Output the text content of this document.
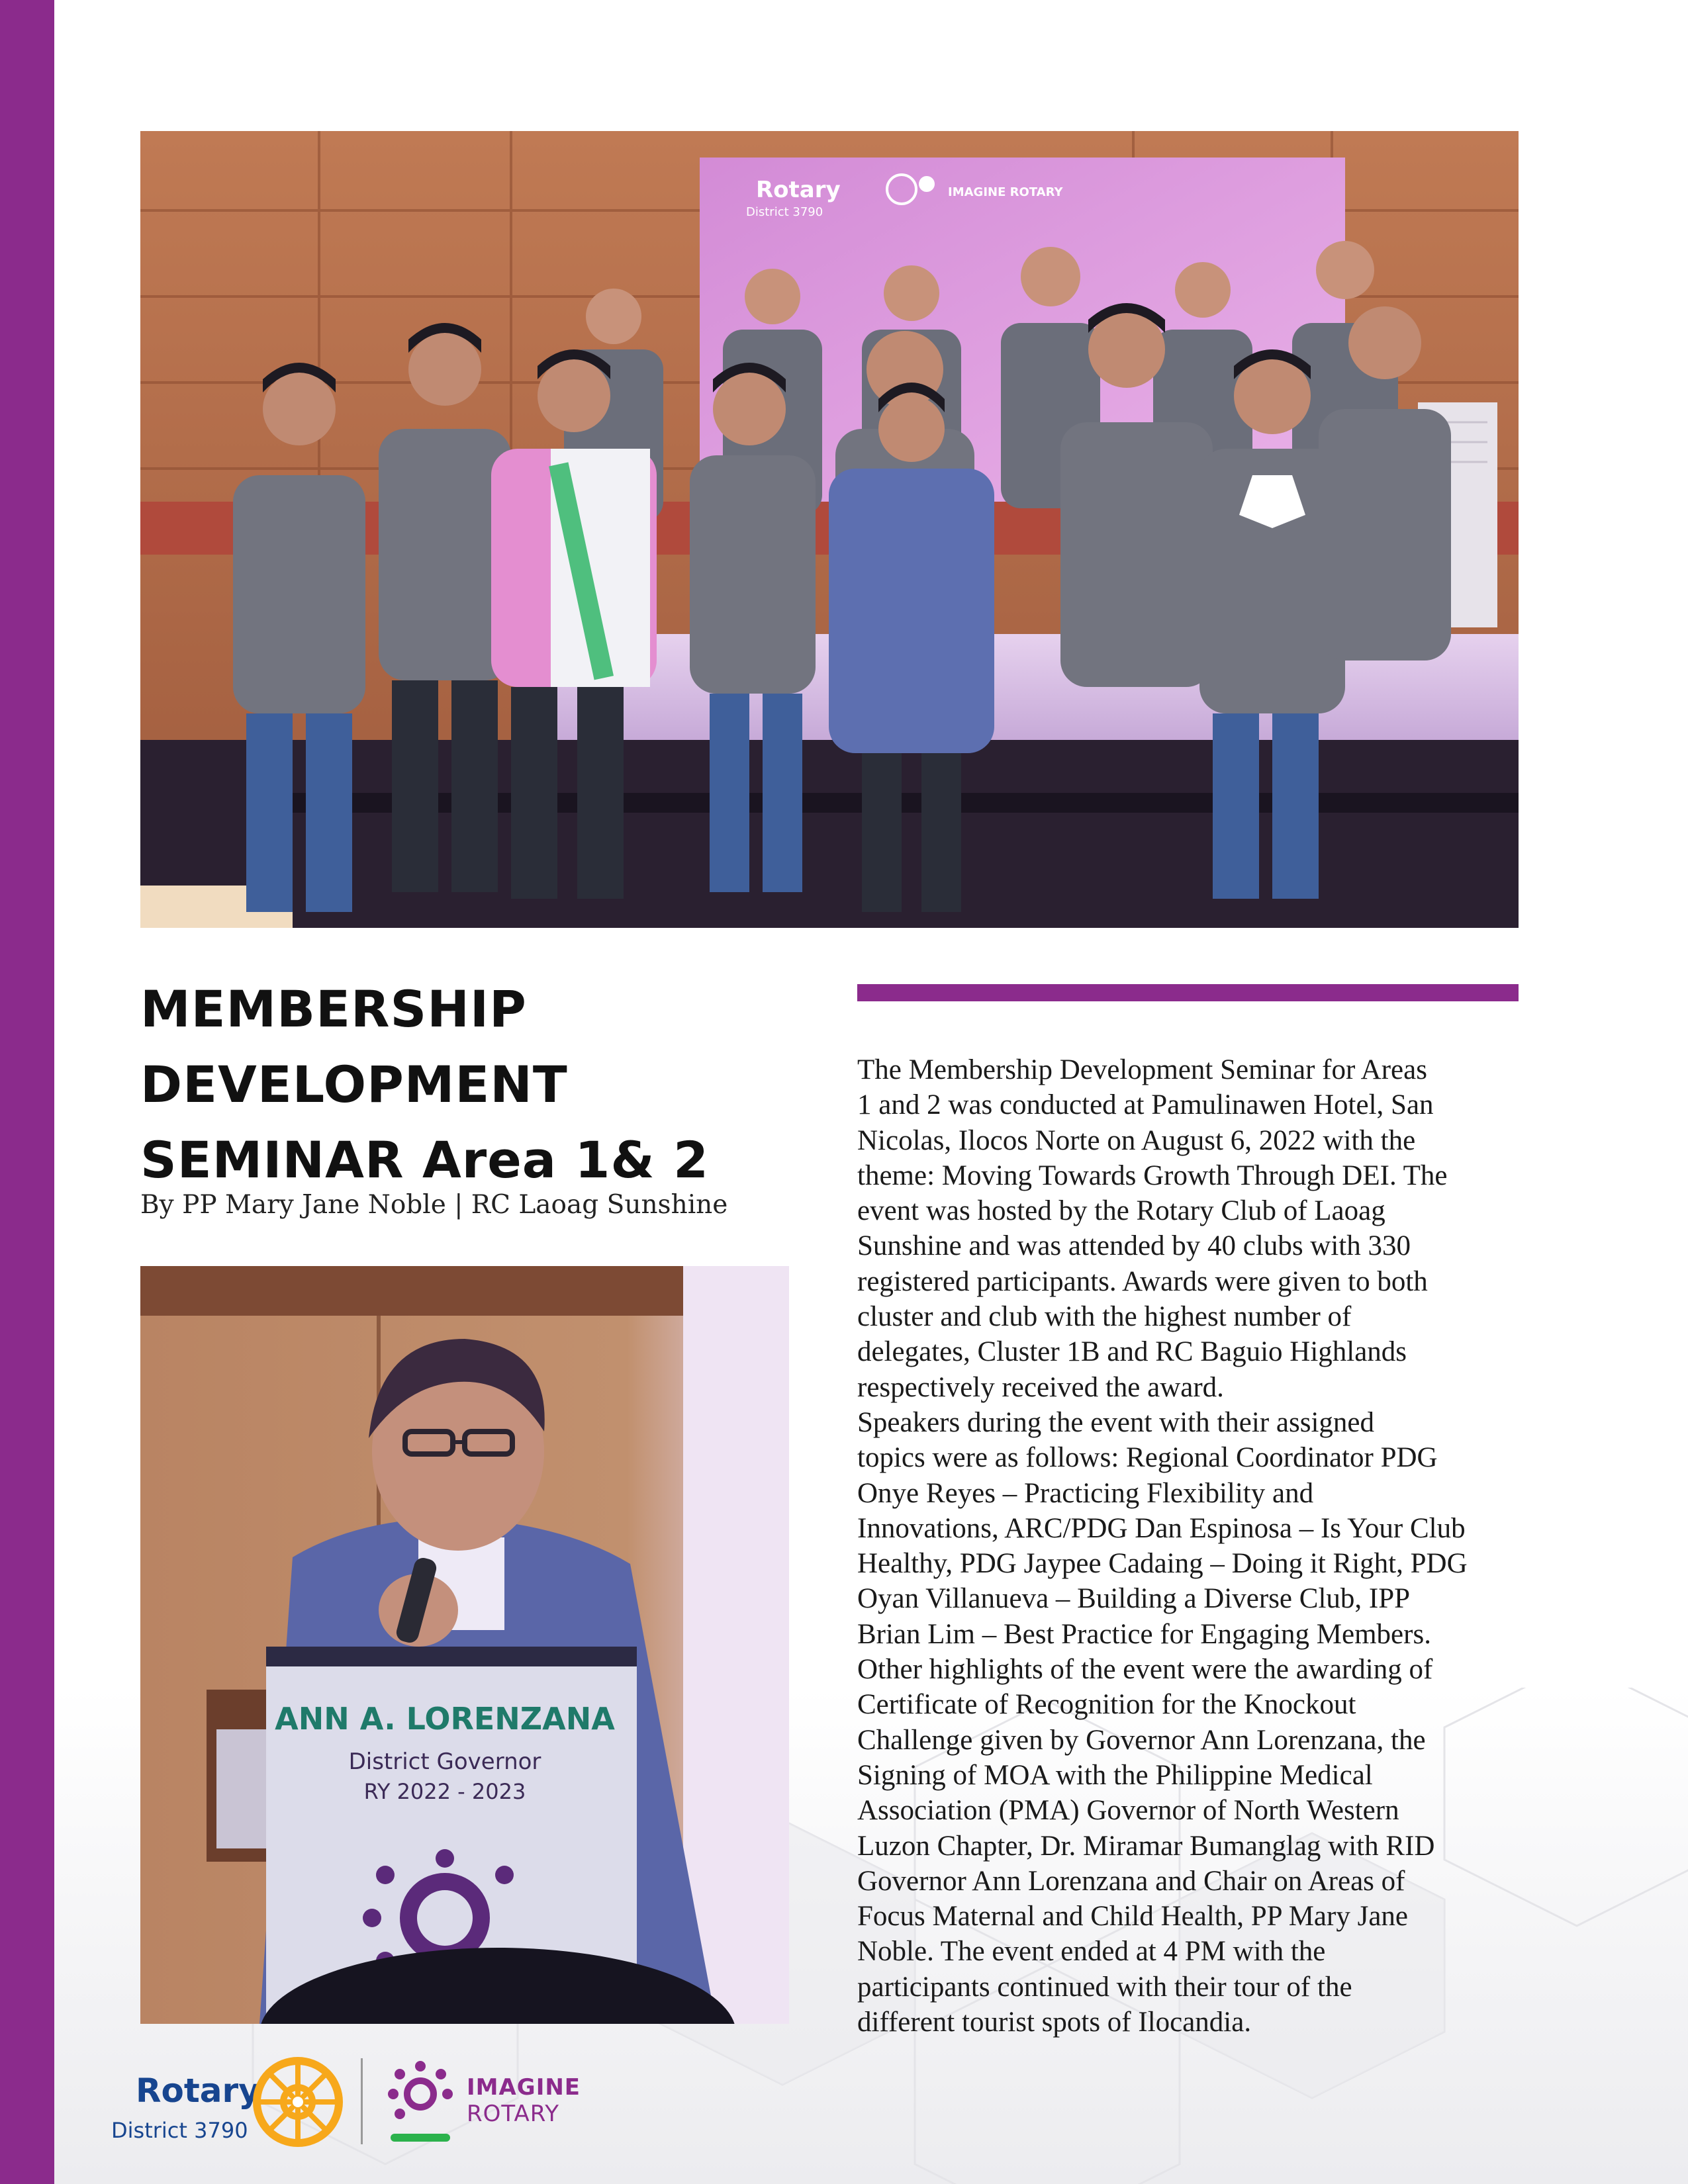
Rotary
District 3790
IMAGINE ROTARY
MEMBERSHIP
DEVELOPMENT
SEMINAR Area 1& 2
By PP Mary Jane Noble | RC Laoag Sunshine
ANN A. LORENZANA
District Governor
RY 2022 - 2023
The Membership Development Seminar for Areas
1 and 2 was conducted at Pamulinawen Hotel, San
Nicolas, Ilocos Norte on August 6, 2022 with the
theme: Moving Towards Growth Through DEI. The
event was hosted by the Rotary Club of Laoag
Sunshine and was attended by 40 clubs with 330
registered participants. Awards were given to both
cluster and club with the highest number of
delegates, Cluster 1B and RC Baguio Highlands
respectively received the award.
Speakers during the event with their assigned
topics were as follows: Regional Coordinator PDG
Onye Reyes – Practicing Flexibility and
Innovations, ARC/PDG Dan Espinosa – Is Your Club
Healthy, PDG Jaypee Cadaing – Doing it Right, PDG
Oyan Villanueva – Building a Diverse Club, IPP
Brian Lim – Best Practice for Engaging Members.
Other highlights of the event were the awarding of
Certificate of Recognition for the Knockout
Challenge given by Governor Ann Lorenzana, the
Signing of MOA with the Philippine Medical
Association (PMA) Governor of North Western
Luzon Chapter, Dr. Miramar Bumanglag with RID
Governor Ann Lorenzana and Chair on Areas of
Focus Maternal and Child Health, PP Mary Jane
Noble. The event ended at 4 PM with the
participants continued with their tour of the
different tourist spots of Ilocandia.
Rotary
District 3790
IMAGINE
ROTARY
